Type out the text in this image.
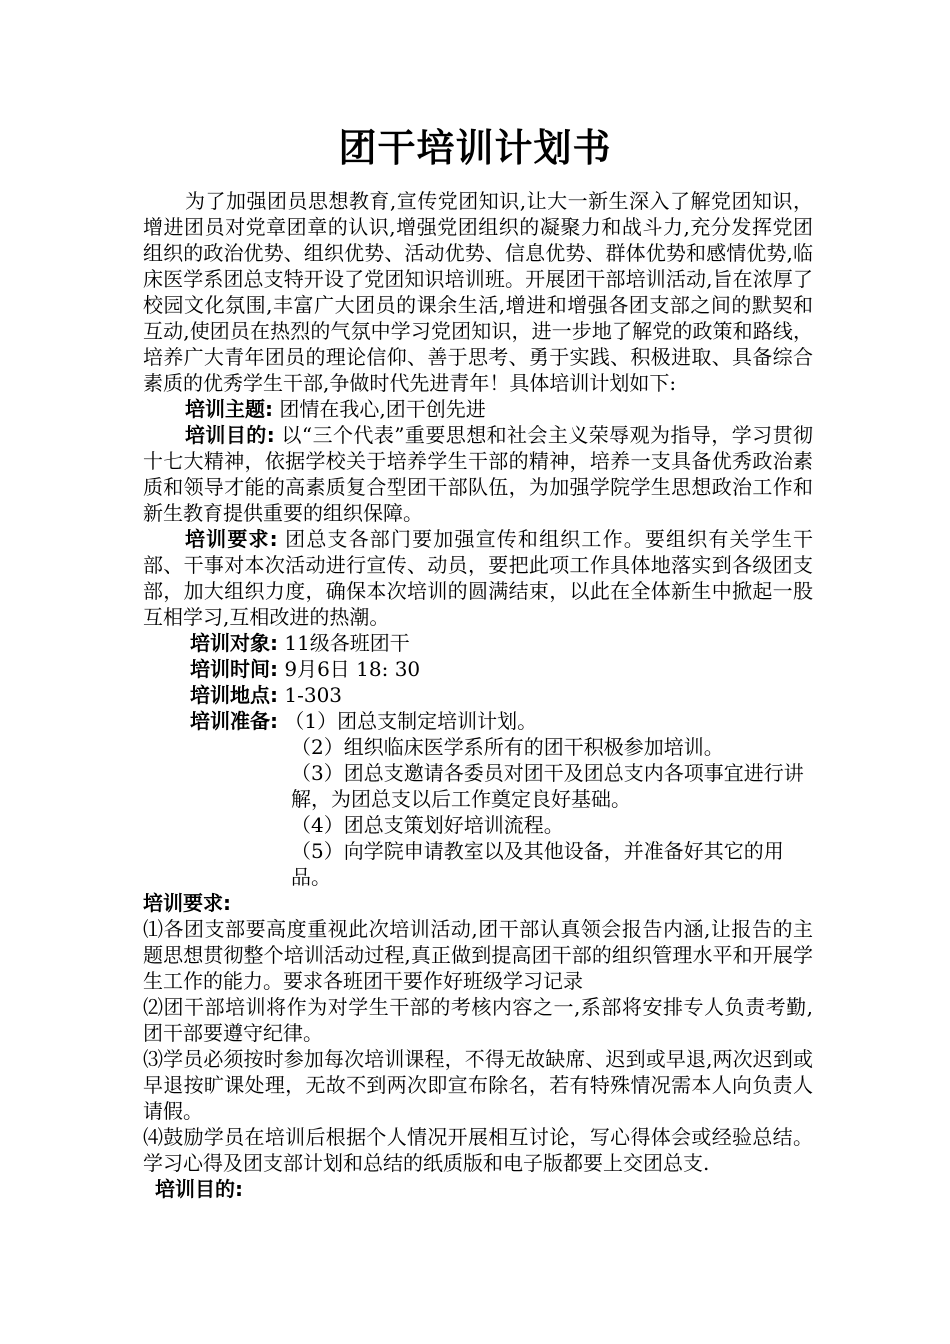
团干培训计划书

为了加强团员思想教育,宣传党团知识,让大一新生深入了解党团知识，增进团员对党章团章的认识,增强党团组织的凝聚力和战斗力,充分发挥党团组织的政治优势、组织优势、活动优势、信息优势、群体优势和感情优势,临床医学系团总支特开设了党团知识培训班。开展团干部培训活动,旨在浓厚了校园文化氛围,丰富广大团员的课余生活,增进和增强各团支部之间的默契和互动,使团员在热烈的气氛中学习党团知识，进一步地了解党的政策和路线，培养广大青年团员的理论信仰、善于思考、勇于实践、积极进取、具备综合素质的优秀学生干部,争做时代先进青年！具体培训计划如下:

培训主题: 团情在我心,团干创先进

培训目的: 以“三个代表”重要思想和社会主义荣辱观为指导，学习贯彻十七大精神，依据学校关于培养学生干部的精神，培养一支具备优秀政治素质和领导才能的高素质复合型团干部队伍，为加强学院学生思想政治工作和新生教育提供重要的组织保障。

培训要求: 团总支各部门要加强宣传和组织工作。要组织有关学生干部、干事对本次活动进行宣传、动员，要把此项工作具体地落实到各级团支部，加大组织力度，确保本次培训的圆满结束，以此在全体新生中掀起一股互相学习,互相改进的热潮。

培训对象: 11级各班团干

培训时间: 9月6日 18: 30

培训地点: 1-303

培训准备: （1）团总支制定培训计划。

（2）组织临床医学系所有的团干积极参加培训。

（3）团总支邀请各委员对团干及团总支内各项事宜进行讲解，为团总支以后工作奠定良好基础。

（4）团总支策划好培训流程。

（5）向学院申请教室以及其他设备，并准备好其它的用品。

培训要求:

⑴各团支部要高度重视此次培训活动,团干部认真领会报告内涵,让报告的主题思想贯彻整个培训活动过程,真正做到提高团干部的组织管理水平和开展学生工作的能力。要求各班团干要作好班级学习记录

⑵团干部培训将作为对学生干部的考核内容之一,系部将安排专人负责考勤,团干部要遵守纪律。

⑶学员必须按时参加每次培训课程，不得无故缺席、迟到或早退,两次迟到或早退按旷课处理，无故不到两次即宣布除名，若有特殊情况需本人向负责人请假。

⑷鼓励学员在培训后根据个人情况开展相互讨论，写心得体会或经验总结。学习心得及团支部计划和总结的纸质版和电子版都要上交团总支.

培训目的:
